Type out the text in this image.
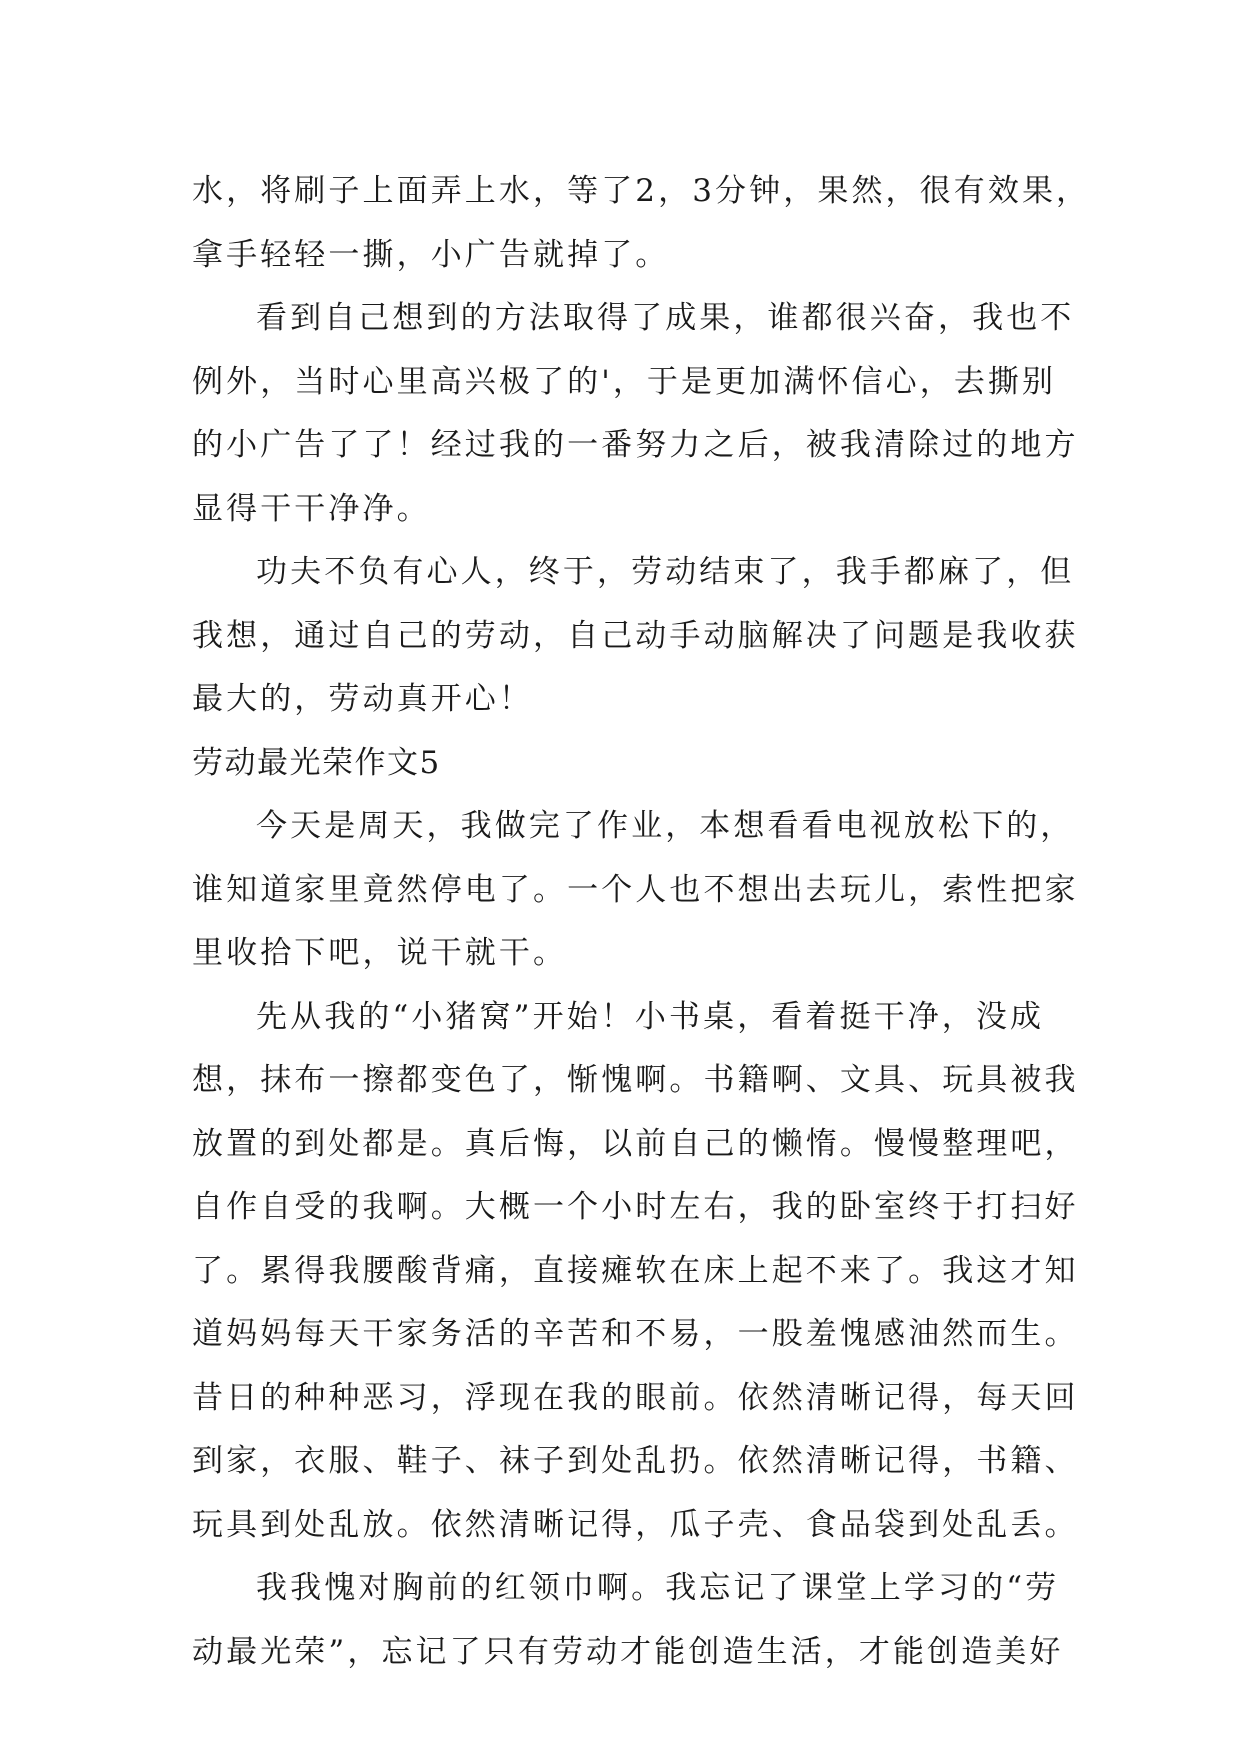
水，将刷子上面弄上水，等了2，3分钟，果然，很有效果，
拿手轻轻一撕，小广告就掉了。
看到自己想到的方法取得了成果，谁都很兴奋，我也不
例外，当时心里高兴极了的'，于是更加满怀信心，去撕别
的小广告了了！经过我的一番努力之后，被我清除过的地方
显得干干净净。
功夫不负有心人，终于，劳动结束了，我手都麻了，但
我想，通过自己的劳动，自己动手动脑解决了问题是我收获
最大的，劳动真开心！
劳动最光荣作文5
今天是周天，我做完了作业，本想看看电视放松下的，
谁知道家里竟然停电了。一个人也不想出去玩儿，索性把家
里收拾下吧，说干就干。
先从我的“小猪窝”开始！小书桌，看着挺干净，没成
想，抹布一擦都变色了，惭愧啊。书籍啊、文具、玩具被我
放置的到处都是。真后悔，以前自己的懒惰。慢慢整理吧，
自作自受的我啊。大概一个小时左右，我的卧室终于打扫好
了。累得我腰酸背痛，直接瘫软在床上起不来了。我这才知
道妈妈每天干家务活的辛苦和不易，一股羞愧感油然而生。
昔日的种种恶习，浮现在我的眼前。依然清晰记得，每天回
到家，衣服、鞋子、袜子到处乱扔。依然清晰记得，书籍、
玩具到处乱放。依然清晰记得，瓜子壳、食品袋到处乱丢。
我我愧对胸前的红领巾啊。我忘记了课堂上学习的“劳
动最光荣”，忘记了只有劳动才能创造生活，才能创造美好
